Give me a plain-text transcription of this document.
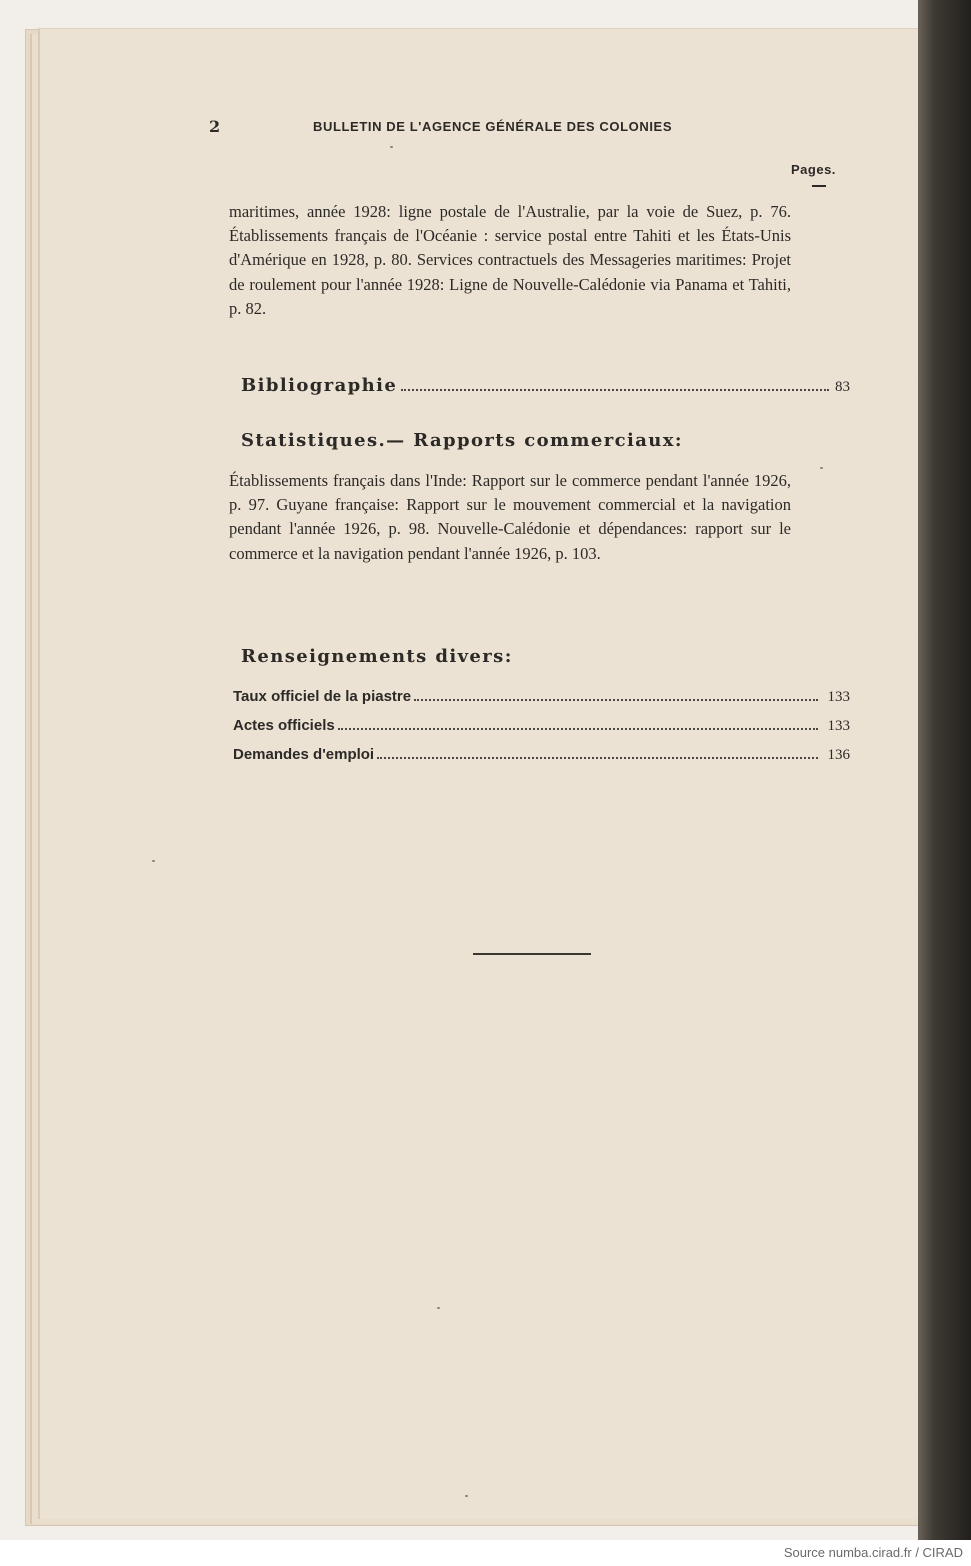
2	BULLETIN DE L'AGENCE GÉNÉRALE DES COLONIES
Pages.
maritimes, année 1928: ligne postale de l'Australie, par la voie de Suez, p. 76. Établissements français de l'Océanie : service postal entre Tahiti et les États-Unis d'Amérique en 1928, p. 80. Services contractuels des Messageries maritimes: Projet de roulement pour l'année 1928: Ligne de Nouvelle-Calédonie via Panama et Tahiti, p. 82.
Bibliographie	83
Statistiques.— Rapports commerciaux:
Établissements français dans l'Inde: Rapport sur le commerce pendant l'année 1926, p. 97. Guyane française: Rapport sur le mouvement commercial et la navigation pendant l'année 1926, p. 98. Nouvelle-Calédonie et dépendances: rapport sur le commerce et la navigation pendant l'année 1926, p. 103.
Renseignements divers:
Taux officiel de la piastre	133
Actes officiels	133
Demandes d'emploi	136
Source numba.cirad.fr / CIRAD
